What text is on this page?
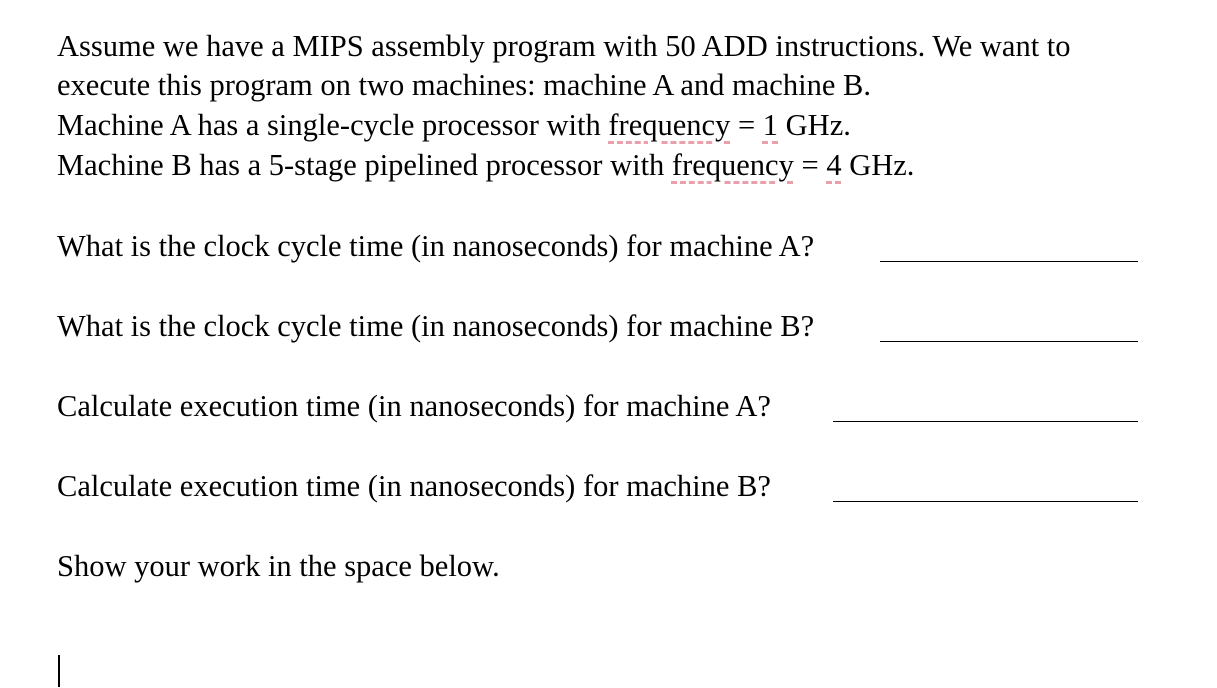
Assume we have a MIPS assembly program with 50 ADD instructions. We want to
execute this program on two machines: machine A and machine B.
Machine A has a single-cycle processor with frequency = 1 GHz.
Machine B has a 5-stage pipelined processor with frequency = 4 GHz.
What is the clock cycle time (in nanoseconds) for machine A?
What is the clock cycle time (in nanoseconds) for machine B?
Calculate execution time (in nanoseconds) for machine A?
Calculate execution time (in nanoseconds) for machine B?
Show your work in the space below.
